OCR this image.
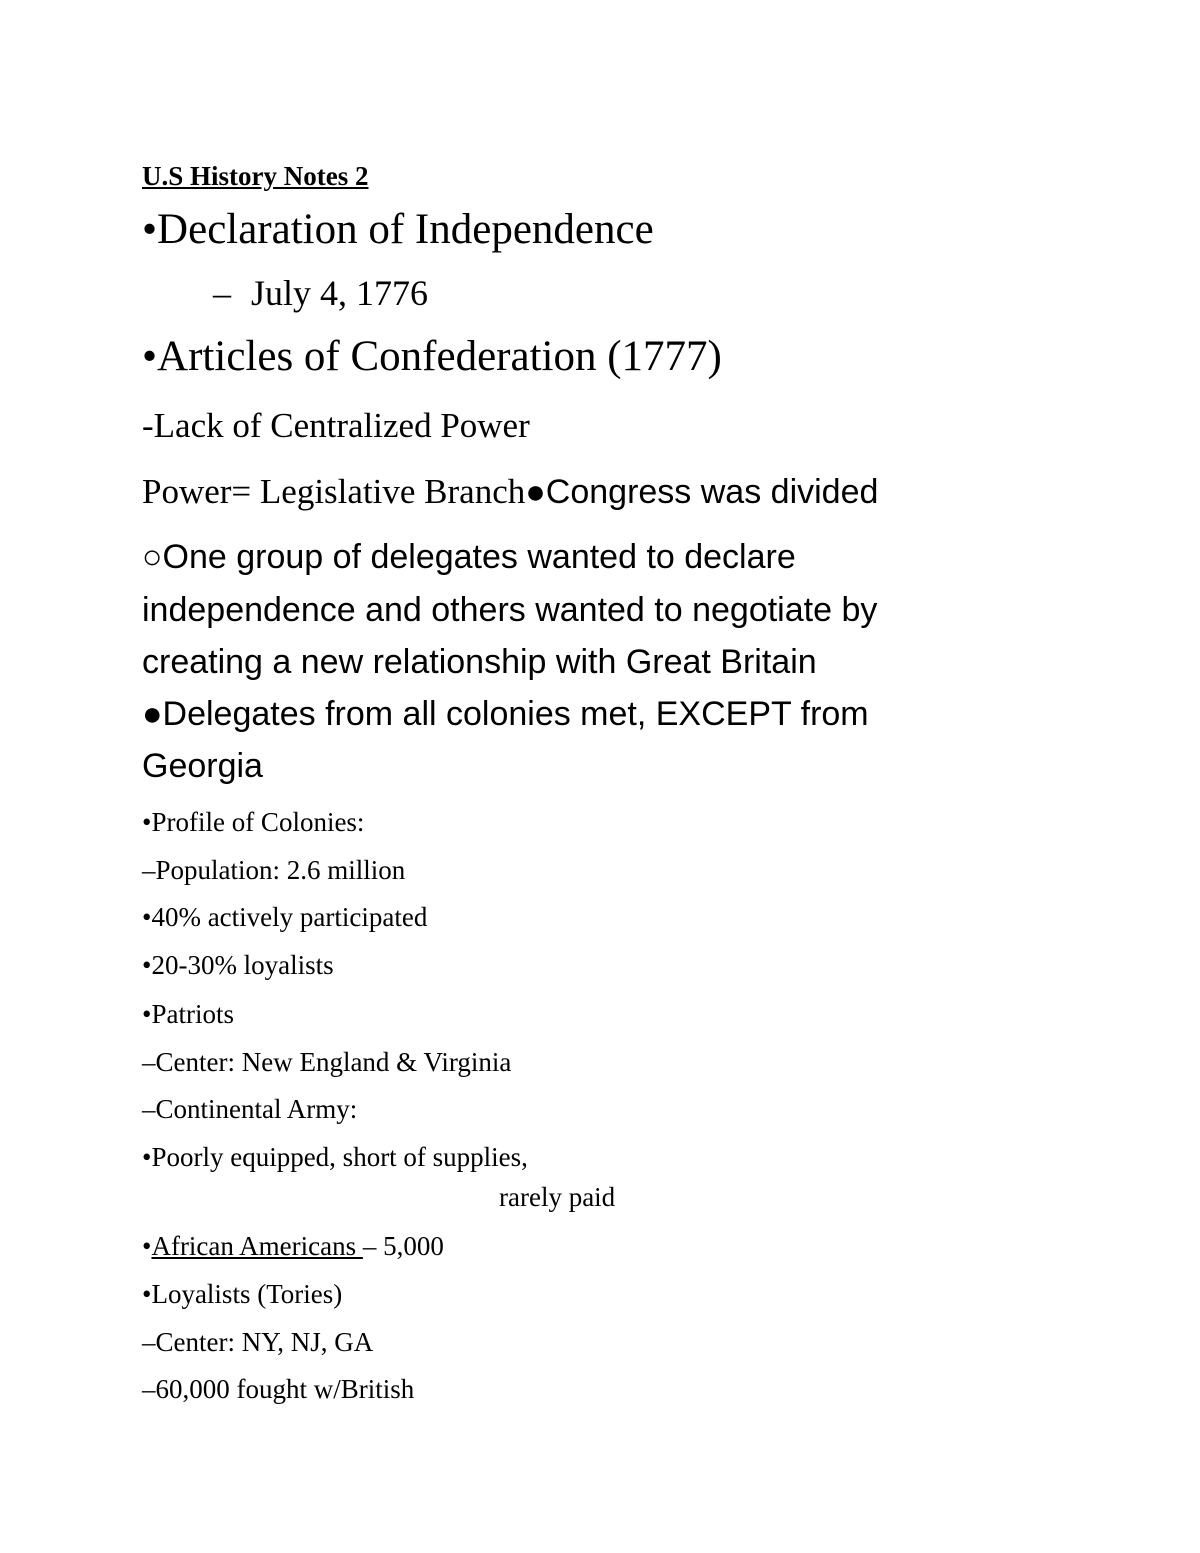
U.S History Notes 2
•Declaration of Independence
– July 4, 1776
•Articles of Confederation (1777)
-Lack of Centralized Power
Power= Legislative Branch●Congress was divided
○One group of delegates wanted to declare
independence and others wanted to negotiate by
creating a new relationship with Great Britain
●Delegates from all colonies met, EXCEPT from
Georgia
•Profile of Colonies:
–Population: 2.6 million
•40% actively participated
•20-30% loyalists
•Patriots
–Center: New England & Virginia
–Continental Army:
•Poorly equipped, short of supplies,
rarely paid
•African Americans – 5,000
•Loyalists (Tories)
–Center: NY, NJ, GA
–60,000 fought w/British
